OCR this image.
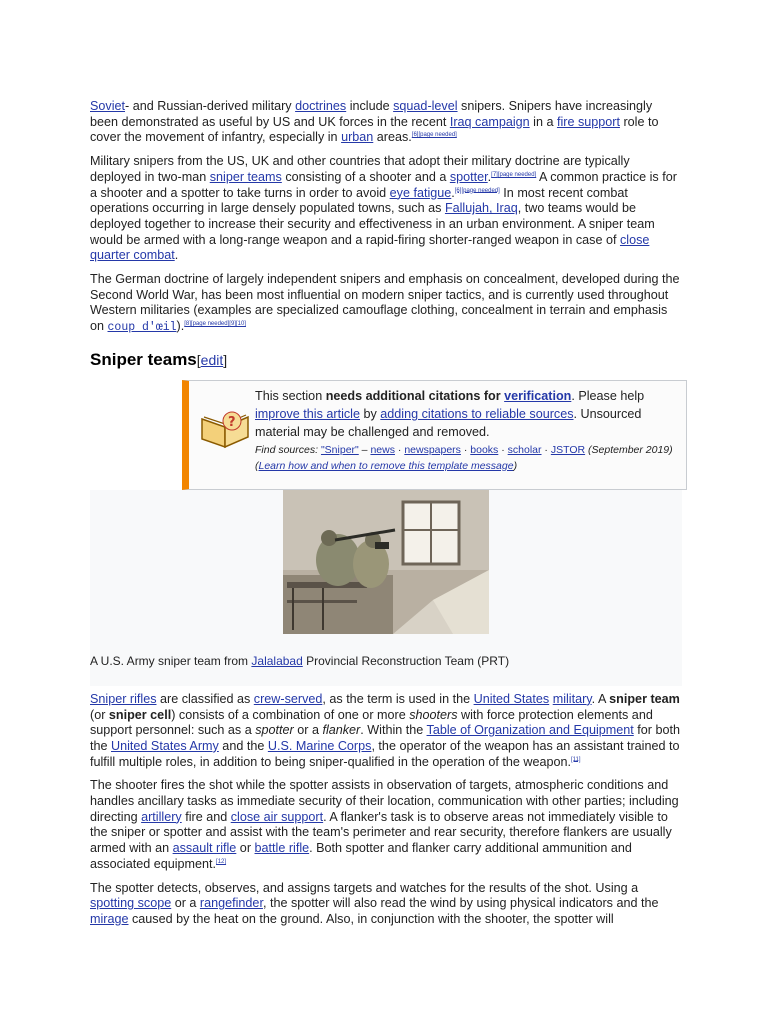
Soviet- and Russian-derived military doctrines include squad-level snipers. Snipers have increasingly been demonstrated as useful by US and UK forces in the recent Iraq campaign in a fire support role to cover the movement of infantry, especially in urban areas.[6][page needed]

Military snipers from the US, UK and other countries that adopt their military doctrine are typically deployed in two-man sniper teams consisting of a shooter and a spotter.[7][page needed] A common practice is for a shooter and a spotter to take turns in order to avoid eye fatigue.[6][page needed] In most recent combat operations occurring in large densely populated towns, such as Fallujah, Iraq, two teams would be deployed together to increase their security and effectiveness in an urban environment. A sniper team would be armed with a long-range weapon and a rapid-firing shorter-ranged weapon in case of close quarter combat.

The German doctrine of largely independent snipers and emphasis on concealment, developed during the Second World War, has been most influential on modern sniper tactics, and is currently used throughout Western militaries (examples are specialized camouflage clothing, concealment in terrain and emphasis on coup d'œil).[8][page needed][9][10]

Sniper teams[edit]
?
This section needs additional citations for verification. Please help improve this article by adding citations to reliable sources. Unsourced material may be challenged and removed.
Find sources: "Sniper" – news · newspapers · books · scholar · JSTOR (September 2019) (Learn how and when to remove this template message)
A U.S. Army sniper team from Jalalabad Provincial Reconstruction Team (PRT)

Sniper rifles are classified as crew-served, as the term is used in the United States military. A sniper team (or sniper cell) consists of a combination of one or more shooters with force protection elements and support personnel: such as a spotter or a flanker. Within the Table of Organization and Equipment for both the United States Army and the U.S. Marine Corps, the operator of the weapon has an assistant trained to fulfill multiple roles, in addition to being sniper-qualified in the operation of the weapon.[11]

The shooter fires the shot while the spotter assists in observation of targets, atmospheric conditions and handles ancillary tasks as immediate security of their location, communication with other parties; including directing artillery fire and close air support. A flanker's task is to observe areas not immediately visible to the sniper or spotter and assist with the team's perimeter and rear security, therefore flankers are usually armed with an assault rifle or battle rifle. Both spotter and flanker carry additional ammunition and associated equipment.[12]

The spotter detects, observes, and assigns targets and watches for the results of the shot. Using a spotting scope or a rangefinder, the spotter will also read the wind by using physical indicators and the mirage caused by the heat on the ground. Also, in conjunction with the shooter, the spotter will
